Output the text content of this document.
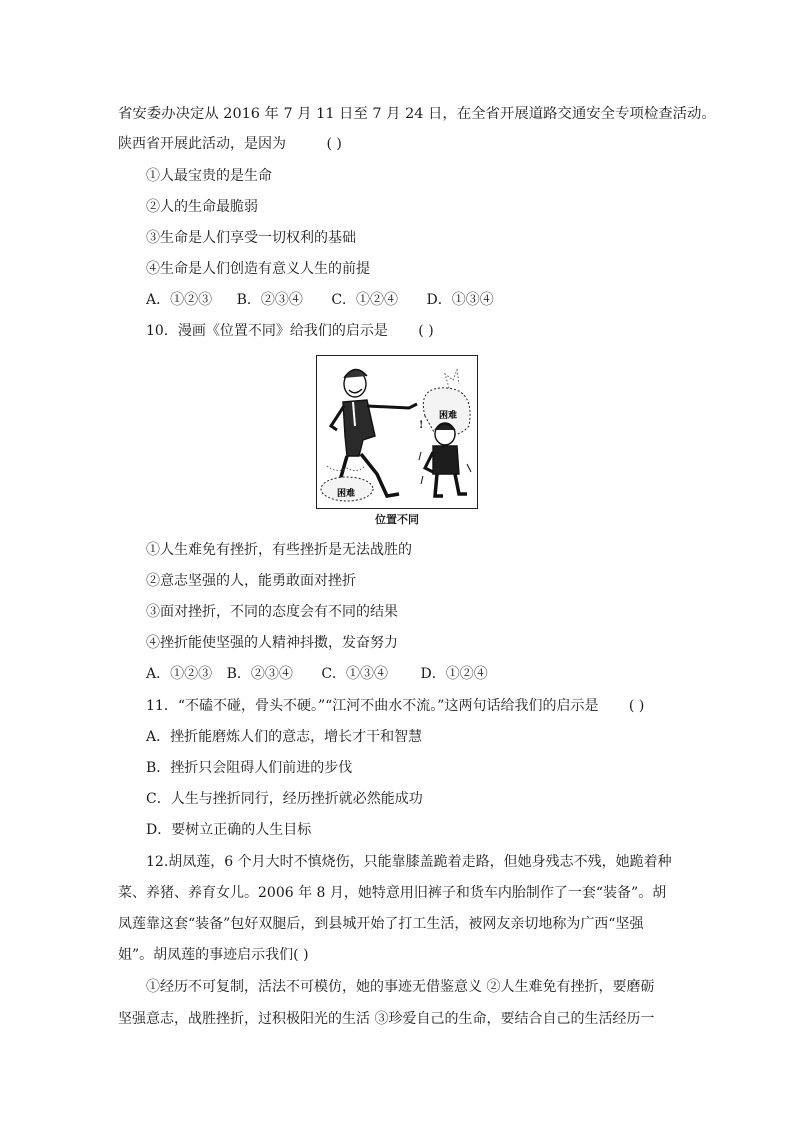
省安委办决定从 2016 年 7 月 11 日至 7 月 24 日，在全省开展道路交通安全专项检查活动。
陕西省开展此活动，是因为	( )
①人最宝贵的是生命
②人的生命最脆弱
③生命是人们享受一切权利的基础
④生命是人们创造有意义人生的前提
A．①②③ B．②③④ C．①②④ D．①③④
10．漫画《位置不同》给我们的启示是 ( )
困难
困难
!
位置不同
①人生难免有挫折，有些挫折是无法战胜的
②意志坚强的人，能勇敢面对挫折
③面对挫折，不同的态度会有不同的结果
④挫折能使坚强的人精神抖擞，发奋努力
A．①②③ B．②③④ C．①③④ D．①②④
11．“不磕不碰，骨头不硬。”“江河不曲水不流。”这两句话给我们的启示是 ( )
A．挫折能磨炼人们的意志，增长才干和智慧
B．挫折只会阻碍人们前进的步伐
C．人生与挫折同行，经历挫折就必然能成功
D．要树立正确的人生目标
12.胡凤莲，6 个月大时不慎烧伤，只能靠膝盖跪着走路，但她身残志不残，她跪着种
菜、养猪、养育女儿。2006 年 8 月，她特意用旧裤子和货车内胎制作了一套“装备”。胡
凤莲靠这套“装备”包好双腿后，到县城开始了打工生活，被网友亲切地称为广西“坚强
姐”。胡凤莲的事迹启示我们( )
①经历不可复制，活法不可模仿，她的事迹无借鉴意义 ②人生难免有挫折，要磨砺
坚强意志，战胜挫折，过积极阳光的生活 ③珍爱自己的生命，要结合自己的生活经历一
